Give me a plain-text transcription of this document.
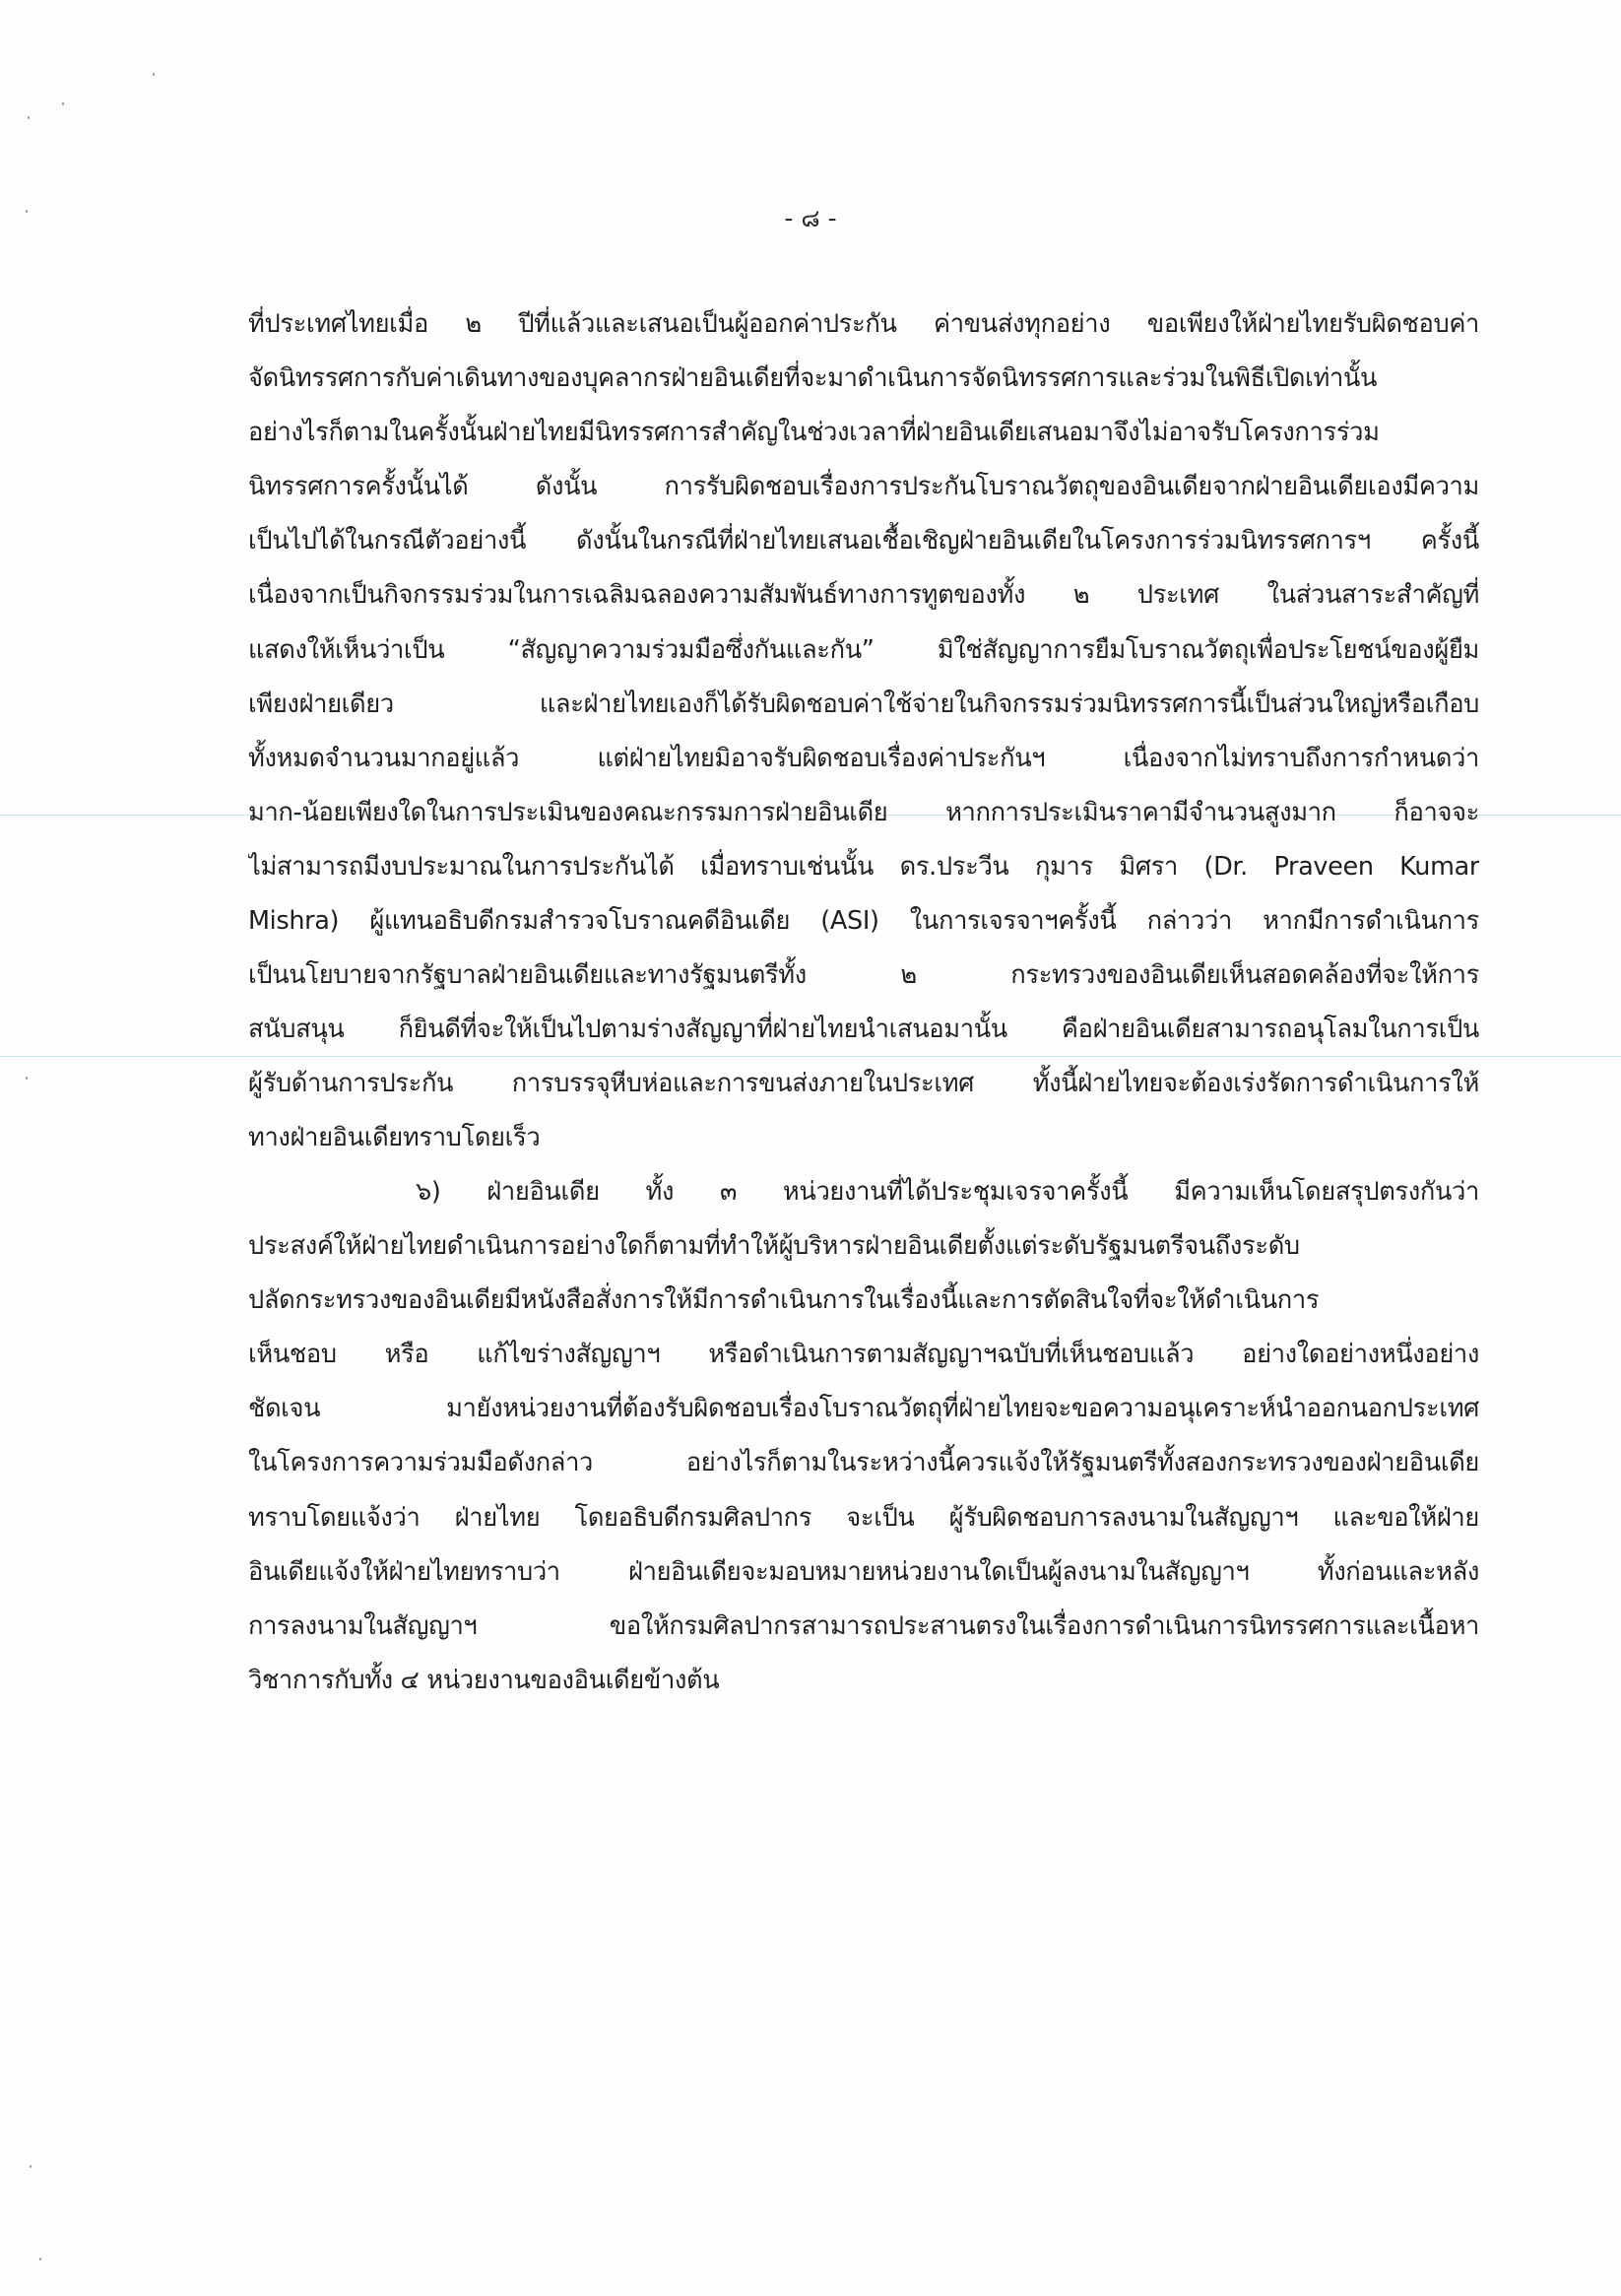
- ๘ -
ที่ประเทศไทยเมื่อ ๒ ปีที่แล้วและเสนอเป็นผู้ออกค่าประกัน ค่าขนส่งทุกอย่าง ขอเพียงให้ฝ่ายไทยรับผิดชอบค่า
จัดนิทรรศการกับค่าเดินทางของบุคลากรฝ่ายอินเดียที่จะมาดำเนินการจัดนิทรรศการและร่วมในพิธีเปิดเท่านั้น
อย่างไรก็ตามในครั้งนั้นฝ่ายไทยมีนิทรรศการสำคัญในช่วงเวลาที่ฝ่ายอินเดียเสนอมาจึงไม่อาจรับโครงการร่วม
นิทรรศการครั้งนั้นได้ ดังนั้น การรับผิดชอบเรื่องการประกันโบราณวัตถุของอินเดียจากฝ่ายอินเดียเองมีความ
เป็นไปได้ในกรณีตัวอย่างนี้ ดังนั้นในกรณีที่ฝ่ายไทยเสนอเชื้อเชิญฝ่ายอินเดียในโครงการร่วมนิทรรศการฯ ครั้งนี้
เนื่องจากเป็นกิจกรรมร่วมในการเฉลิมฉลองความสัมพันธ์ทางการทูตของทั้ง ๒ ประเทศ ในส่วนสาระสำคัญที่
แสดงให้เห็นว่าเป็น “สัญญาความร่วมมือซึ่งกันและกัน” มิใช่สัญญาการยืมโบราณวัตถุเพื่อประโยชน์ของผู้ยืม
เพียงฝ่ายเดียว และฝ่ายไทยเองก็ได้รับผิดชอบค่าใช้จ่ายในกิจกรรมร่วมนิทรรศการนี้เป็นส่วนใหญ่หรือเกือบ
ทั้งหมดจำนวนมากอยู่แล้ว แต่ฝ่ายไทยมิอาจรับผิดชอบเรื่องค่าประกันฯ เนื่องจากไม่ทราบถึงการกำหนดว่า
มาก-น้อยเพียงใดในการประเมินของคณะกรรมการฝ่ายอินเดีย หากการประเมินราคามีจำนวนสูงมาก ก็อาจจะ
ไม่สามารถมีงบประมาณในการประกันได้ เมื่อทราบเช่นนั้น ดร.ประวีน กุมาร มิศรา (Dr. Praveen Kumar
Mishra) ผู้แทนอธิบดีกรมสำรวจโบราณคดีอินเดีย (ASI) ในการเจรจาฯครั้งนี้ กล่าวว่า หากมีการดำเนินการ
เป็นนโยบายจากรัฐบาลฝ่ายอินเดียและทางรัฐมนตรีทั้ง ๒ กระทรวงของอินเดียเห็นสอดคล้องที่จะให้การ
สนับสนุน ก็ยินดีที่จะให้เป็นไปตามร่างสัญญาที่ฝ่ายไทยนำเสนอมานั้น คือฝ่ายอินเดียสามารถอนุโลมในการเป็น
ผู้รับด้านการประกัน การบรรจุหีบห่อและการขนส่งภายในประเทศ ทั้งนี้ฝ่ายไทยจะต้องเร่งรัดการดำเนินการให้
ทางฝ่ายอินเดียทราบโดยเร็ว
๖) ฝ่ายอินเดีย ทั้ง ๓ หน่วยงานที่ได้ประชุมเจรจาครั้งนี้ มีความเห็นโดยสรุปตรงกันว่า
ประสงค์ให้ฝ่ายไทยดำเนินการอย่างใดก็ตามที่ทำให้ผู้บริหารฝ่ายอินเดียตั้งแต่ระดับรัฐมนตรีจนถึงระดับ
ปลัดกระทรวงของอินเดียมีหนังสือสั่งการให้มีการดำเนินการในเรื่องนี้และการตัดสินใจที่จะให้ดำเนินการ
เห็นชอบ หรือ แก้ไขร่างสัญญาฯ หรือดำเนินการตามสัญญาฯฉบับที่เห็นชอบแล้ว อย่างใดอย่างหนึ่งอย่าง
ชัดเจน มายังหน่วยงานที่ต้องรับผิดชอบเรื่องโบราณวัตถุที่ฝ่ายไทยจะขอความอนุเคราะห์นำออกนอกประเทศ
ในโครงการความร่วมมือดังกล่าว อย่างไรก็ตามในระหว่างนี้ควรแจ้งให้รัฐมนตรีทั้งสองกระทรวงของฝ่ายอินเดีย
ทราบโดยแจ้งว่า ฝ่ายไทย โดยอธิบดีกรมศิลปากร จะเป็น ผู้รับผิดชอบการลงนามในสัญญาฯ และขอให้ฝ่าย
อินเดียแจ้งให้ฝ่ายไทยทราบว่า ฝ่ายอินเดียจะมอบหมายหน่วยงานใดเป็นผู้ลงนามในสัญญาฯ ทั้งก่อนและหลัง
การลงนามในสัญญาฯ ขอให้กรมศิลปากรสามารถประสานตรงในเรื่องการดำเนินการนิทรรศการและเนื้อหา
วิชาการกับทั้ง ๔ หน่วยงานของอินเดียข้างต้น
